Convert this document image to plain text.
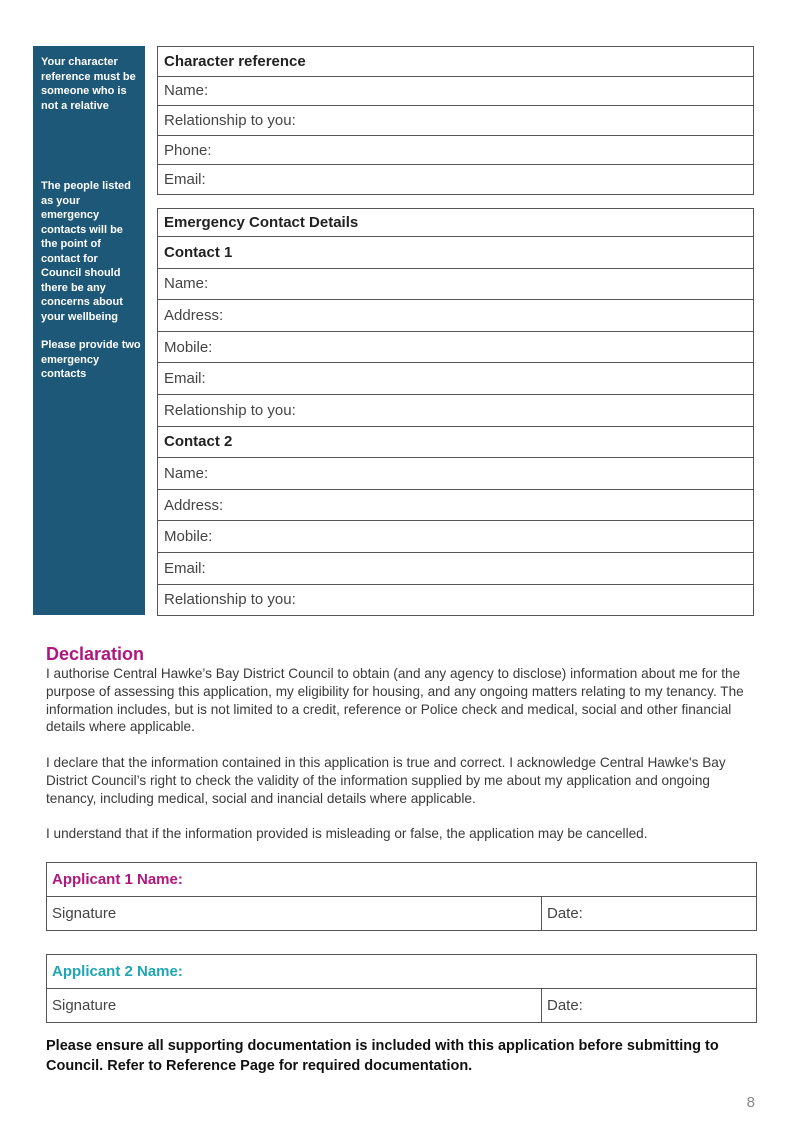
Your character reference must be someone who is not a relative

The people listed as your emergency contacts will be the point of contact for Council should there be any concerns about your wellbeing

Please provide two emergency contacts

Character reference
Name:
Relationship to you:
Phone:
Email:
Emergency Contact Details
Contact 1
Name:
Address:
Mobile:
Email:
Relationship to you:
Contact 2
Name:
Address:
Mobile:
Email:
Relationship to you:
Declaration

I authorise Central Hawke’s Bay District Council to obtain (and any agency to disclose) information about me for the purpose of assessing this application, my eligibility for housing, and any ongoing matters relating to my tenancy. The information includes, but is not limited to a credit, reference or Police check and medical, social and other financial details where applicable.

I declare that the information contained in this application is true and correct. I acknowledge Central Hawke's Bay District Council’s right to check the validity of the information supplied by me about my application and ongoing tenancy, including medical, social and inancial details where applicable.

I understand that if the information provided is misleading or false, the application may be cancelled.

Applicant 1 Name:
Signature	Date:
Applicant 2 Name:
Signature	Date:

Please ensure all supporting documentation is included with this application before submitting to Council. Refer to Reference Page for required documentation.

8
